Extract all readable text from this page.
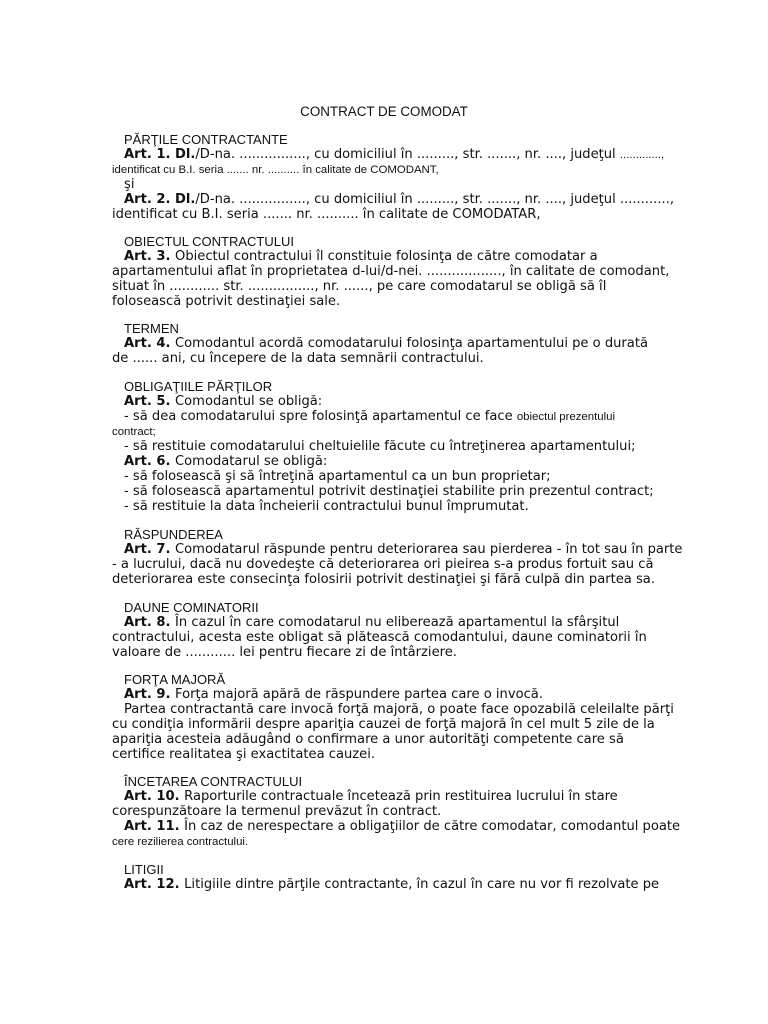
CONTRACT DE COMODAT
PĂRŢILE CONTRACTANTE
Art. 1. Dl./D-na. ................, cu domiciliul în ........., str. ......., nr. ...., judeţul .............,
identificat cu B.I. seria ....... nr. .......... în calitate de COMODANT,
şi
Art. 2. Dl./D-na. ................, cu domiciliul în ........., str. ......., nr. ...., judeţul ............,
identificat cu B.I. seria ....... nr. .......... în calitate de COMODATAR,
OBIECTUL CONTRACTULUI
Art. 3. Obiectul contractului îl constituie folosinţa de către comodatar a
apartamentului aflat în proprietatea d-lui/d-nei. .................., în calitate de comodant,
situat în ............ str. ................, nr. ......, pe care comodatarul se obligă să îl
folosească potrivit destinaţiei sale.
TERMEN
Art. 4. Comodantul acordă comodatarului folosinţa apartamentului pe o durată
de ...... ani, cu începere de la data semnării contractului.
OBLIGAŢIILE PĂRŢILOR
Art. 5. Comodantul se obligă:
- să dea comodatarului spre folosinţă apartamentul ce face obiectul prezentului
contract;
- să restituie comodatarului cheltuielile făcute cu întreţinerea apartamentului;
Art. 6. Comodatarul se obligă:
- să folosească şi să întreţină apartamentul ca un bun proprietar;
- să folosească apartamentul potrivit destinaţiei stabilite prin prezentul contract;
- să restituie la data încheierii contractului bunul împrumutat.
RĂSPUNDEREA
Art. 7. Comodatarul răspunde pentru deteriorarea sau pierderea - în tot sau în parte
- a lucrului, dacă nu dovedeşte că deteriorarea ori pieirea s-a produs fortuit sau că
deteriorarea este consecinţa folosirii potrivit destinaţiei şi fără culpă din partea sa.
DAUNE COMINATORII
Art. 8. În cazul în care comodatarul nu eliberează apartamentul la sfârşitul
contractului, acesta este obligat să plătească comodantului, daune cominatorii în
valoare de ............ lei pentru fiecare zi de întârziere.
FORŢA MAJORĂ
Art. 9. Forţa majoră apără de răspundere partea care o invocă.
Partea contractantă care invocă forţă majoră, o poate face opozabilă celeilalte părţi
cu condiţia informării despre apariţia cauzei de forţă majoră în cel mult 5 zile de la
apariţia acesteia adăugând o confirmare a unor autorităţi competente care să
certifice realitatea şi exactitatea cauzei.
ÎNCETAREA CONTRACTULUI
Art. 10. Raporturile contractuale încetează prin restituirea lucrului în stare
corespunzătoare la termenul prevăzut în contract.
Art. 11. În caz de nerespectare a obligaţiilor de către comodatar, comodantul poate
cere rezilierea contractului.
LITIGII
Art. 12. Litigiile dintre părţile contractante, în cazul în care nu vor fi rezolvate pe
